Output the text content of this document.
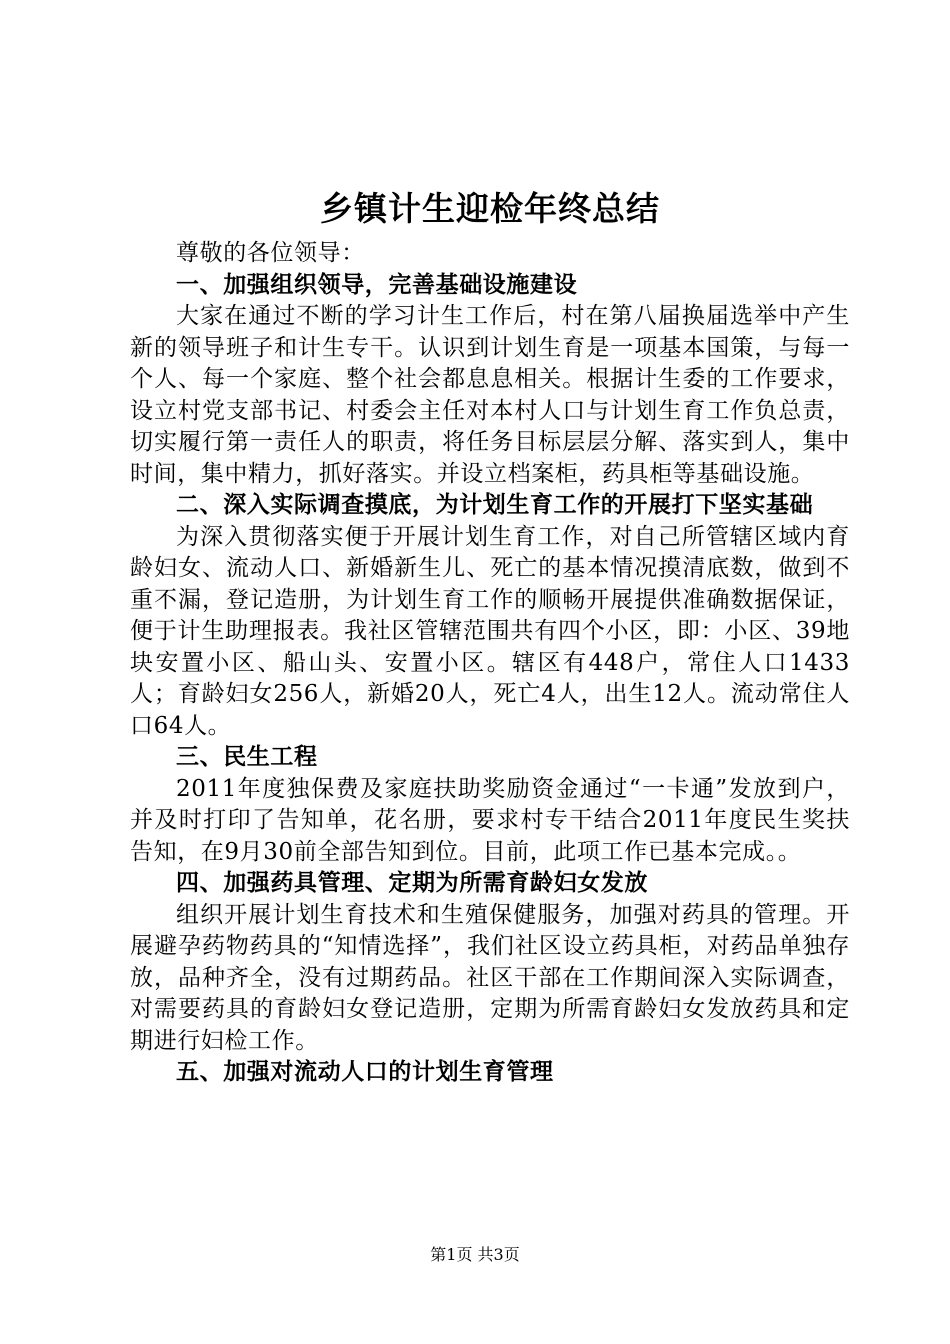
乡镇计生迎检年终总结

尊敬的各位领导：

一、加强组织领导，完善基础设施建设

大家在通过不断的学习计生工作后，村在第八届换届选举中产生新的领导班子和计生专干。认识到计划生育是一项基本国策，与每一个人、每一个家庭、整个社会都息息相关。根据计生委的工作要求，设立村党支部书记、村委会主任对本村人口与计划生育工作负总责，切实履行第一责任人的职责，将任务目标层层分解、落实到人，集中时间，集中精力，抓好落实。并设立档案柜，药具柜等基础设施。

二、深入实际调查摸底，为计划生育工作的开展打下坚实基础

为深入贯彻落实便于开展计划生育工作，对自己所管辖区域内育龄妇女、流动人口、新婚新生儿、死亡的基本情况摸清底数，做到不重不漏，登记造册，为计划生育工作的顺畅开展提供准确数据保证，便于计生助理报表。我社区管辖范围共有四个小区，即：小区、39地块安置小区、船山头、安置小区。辖区有448户，常住人口1433人；育龄妇女256人，新婚20人，死亡4人，出生12人。流动常住人口64人。

三、民生工程

2011年度独保费及家庭扶助奖励资金通过“一卡通”发放到户，并及时打印了告知单，花名册，要求村专干结合2011年度民生奖扶告知，在9月30前全部告知到位。目前，此项工作已基本完成。。

四、加强药具管理、定期为所需育龄妇女发放

组织开展计划生育技术和生殖保健服务，加强对药具的管理。开展避孕药物药具的“知情选择”，我们社区设立药具柜，对药品单独存放，品种齐全，没有过期药品。社区干部在工作期间深入实际调查，对需要药具的育龄妇女登记造册，定期为所需育龄妇女发放药具和定期进行妇检工作。

五、加强对流动人口的计划生育管理

第1页 共3页
